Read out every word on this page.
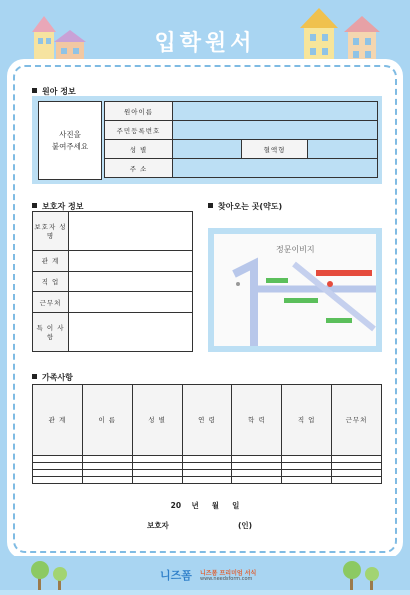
입학원서
원아 정보
사진을
붙여주세요
원아이름			
주민등록번호			
성 별		혈액형	
주 소			
보호자 정보
보호자 성명	
관 계	
직 업	
근무처	
특 이 사 항	
찾아오는 곳(약도)
정문이비지
가족사항
관 계	이 름	성 별	연 령	학 력	직 업	근무처

20    년     월     일
보호자	(인)
니즈폼 니즈폼 프리미엄 서식
www.needsform.com
